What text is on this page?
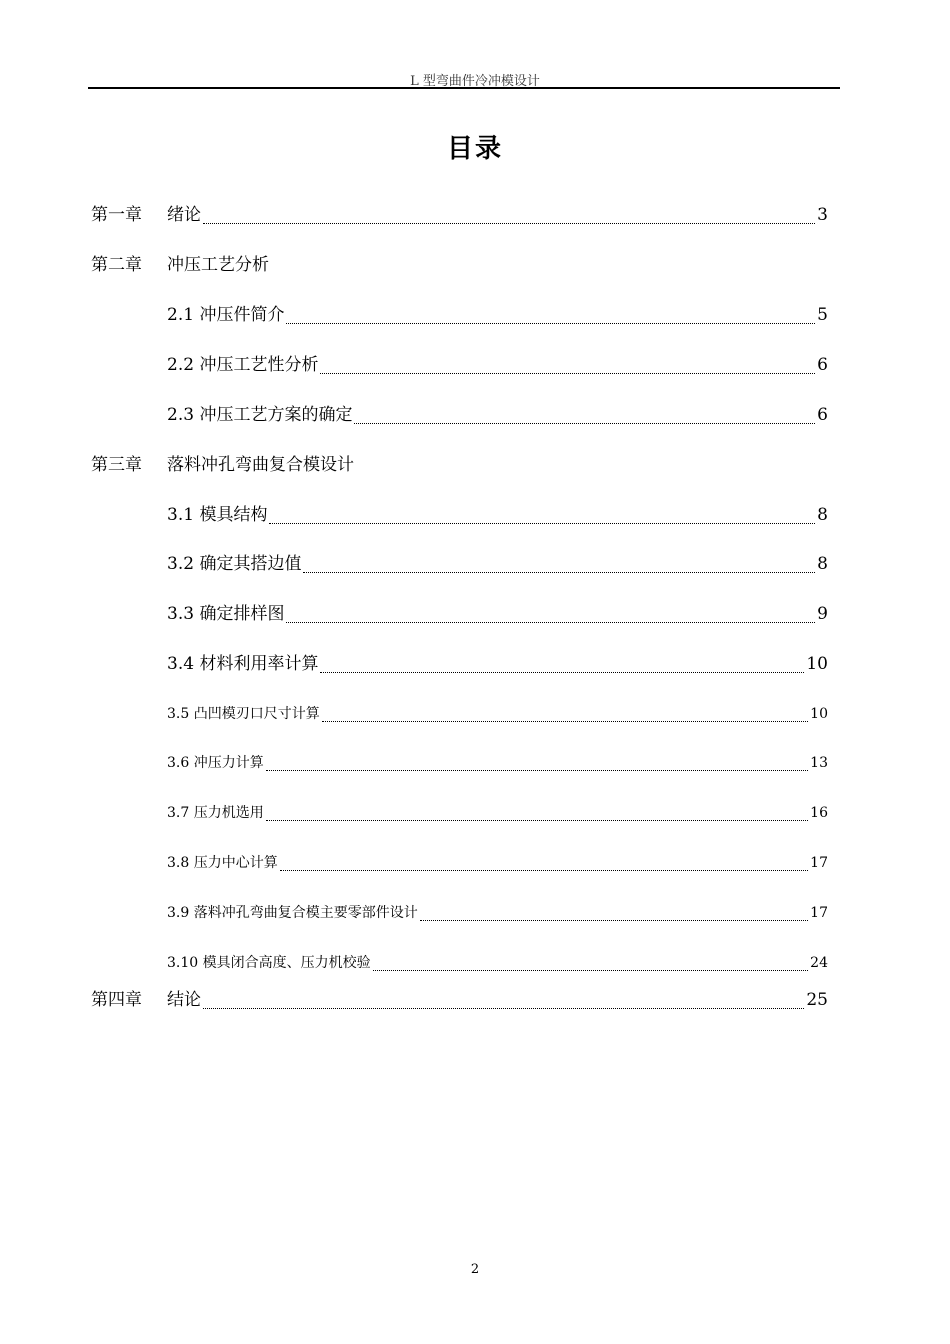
L 型弯曲件冷冲模设计
目录
第一章	绪论	3
第二章	冲压工艺分析
2.1 冲压件简介	5
2.2 冲压工艺性分析	6
2.3 冲压工艺方案的确定	6
第三章	落料冲孔弯曲复合模设计
3.1 模具结构	8
3.2 确定其搭边值	8
3.3 确定排样图	9
3.4 材料利用率计算	10
3.5 凸凹模刃口尺寸计算	10
3.6 冲压力计算	13
3.7 压力机选用	16
3.8 压力中心计算	17
3.9 落料冲孔弯曲复合模主要零部件设计	17
3.10 模具闭合高度、压力机校验	24
第四章	结论	25
2
